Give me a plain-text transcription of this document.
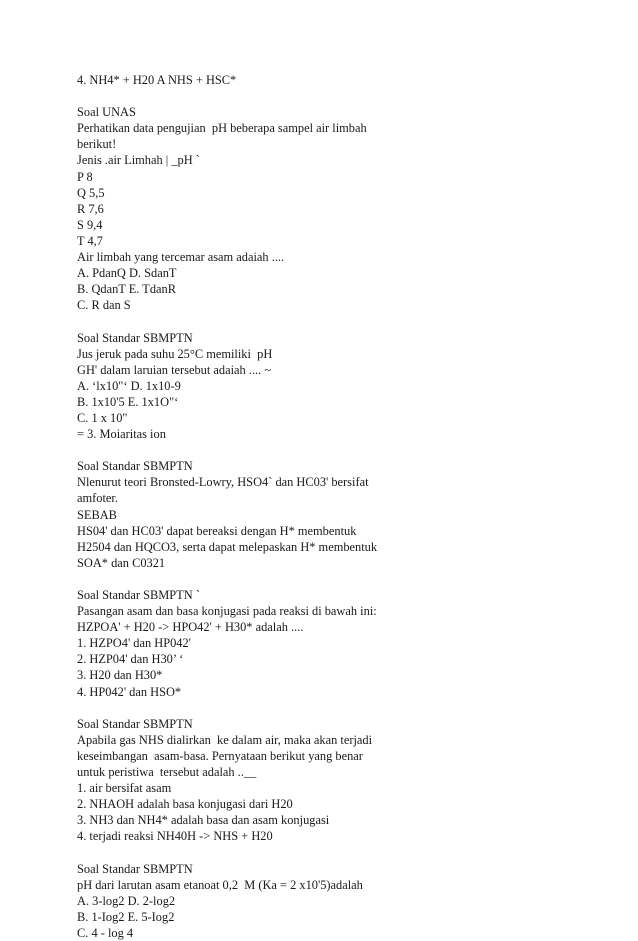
4. NH4* + H20 A NHS + HSC*
Soal UNAS
Perhatikan data pengujian  pH beberapa sampel air limbah
berikut!
Jenis .air Limhah | _pH `
P 8
Q 5,5
R 7,6
S 9,4
T 4,7
Air limbah yang tercemar asam adaiah ....
A. PdanQ D. SdanT
B. QdanT E. TdanR
C. R dan S
Soal Standar SBMPTN
Jus jeruk pada suhu 25°C memiliki  pH
GH' dalam laruian tersebut adaiah .... ~
A. ‘lx10"‘ D. 1x10-9
B. 1x10'5 E. 1x1O"‘
C. 1 x 10"
= 3. Moiaritas ion
Soal Standar SBMPTN
Nlenurut teori Bronsted-Lowry, HSO4` dan HC03' bersifat
amfoter.
SEBAB
HS04' dan HC03' dapat bereaksi dengan H* membentuk
H2504 dan HQCO3, serta dapat melepaskan H* membentuk
SOA* dan C0321
Soal Standar SBMPTN `
Pasangan asam dan basa konjugasi pada reaksi di bawah ini:
HZPOA' + H20 -> HPO42' + H30* adalah ....
1. HZPO4' dan HP042'
2. HZP04' dan H30’ ‘
3. H20 dan H30*
4. HP042' dan HSO*
Soal Standar SBMPTN
Apabila gas NHS dialirkan  ke dalam air, maka akan terjadi
keseimbangan  asam-basa. Pernyataan berikut yang benar
untuk peristiwa  tersebut adalah ..__
1. air bersifat asam
2. NHAOH adalah basa konjugasi dari H20
3. NH3 dan NH4* adalah basa dan asam konjugasi
4. terjadi reaksi NH40H -> NHS + H20
Soal Standar SBMPTN
pH dari larutan asam etanoat 0,2  M (Ka = 2 x10'5)adalah
A. 3-log2 D. 2-log2
B. 1-Iog2 E. 5-Iog2
C. 4 - log 4
